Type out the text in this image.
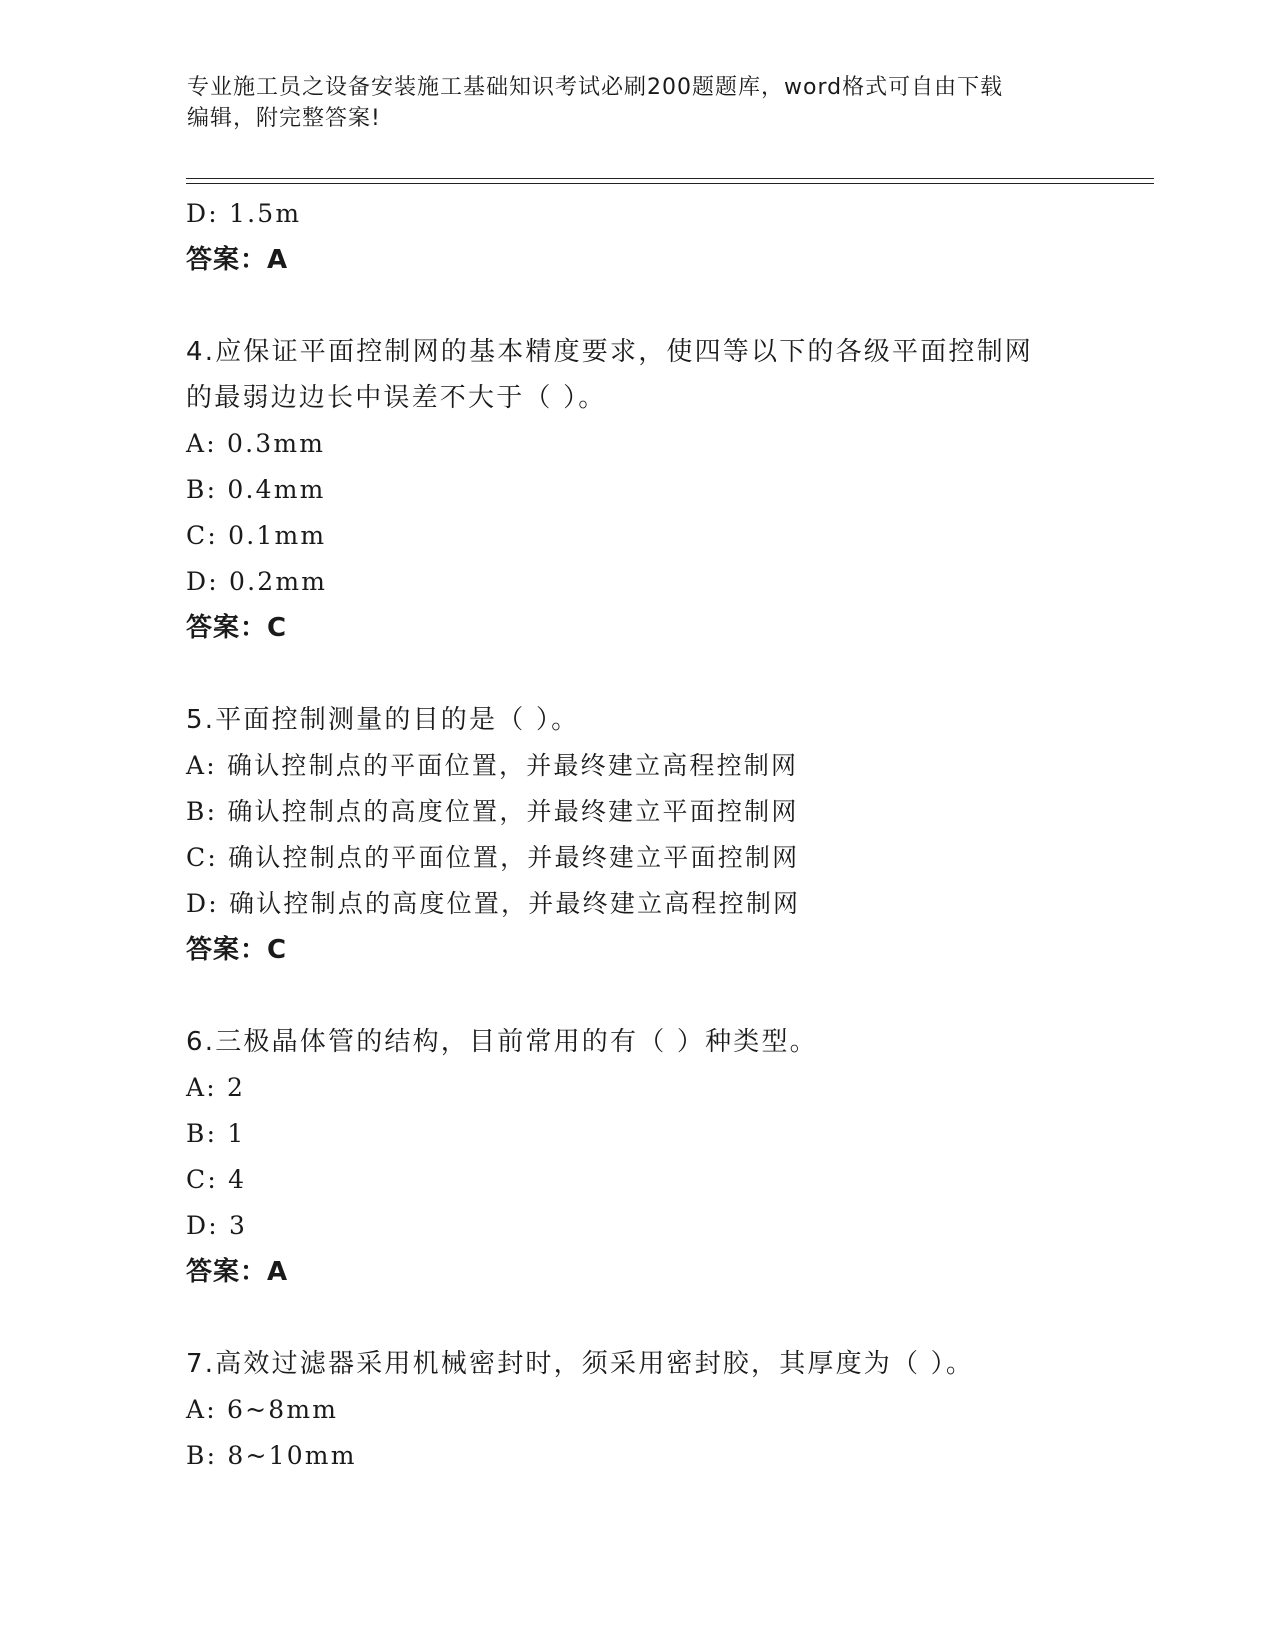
专业施工员之设备安装施工基础知识考试必刷200题题库，word格式可自由下载
编辑，附完整答案!
D: 1.5m
答案：A
4.应保证平面控制网的基本精度要求，使四等以下的各级平面控制网
的最弱边边长中误差不大于（ ）。
A: 0.3mm
B: 0.4mm
C: 0.1mm
D: 0.2mm
答案：C
5.平面控制测量的目的是（ ）。
A: 确认控制点的平面位置，并最终建立高程控制网
B: 确认控制点的高度位置，并最终建立平面控制网
C: 确认控制点的平面位置，并最终建立平面控制网
D: 确认控制点的高度位置，并最终建立高程控制网
答案：C
6.三极晶体管的结构，目前常用的有（ ）种类型。
A: 2
B: 1
C: 4
D: 3
答案：A
7.高效过滤器采用机械密封时，须采用密封胶，其厚度为（ ）。
A: 6~8mm
B: 8~10mm
